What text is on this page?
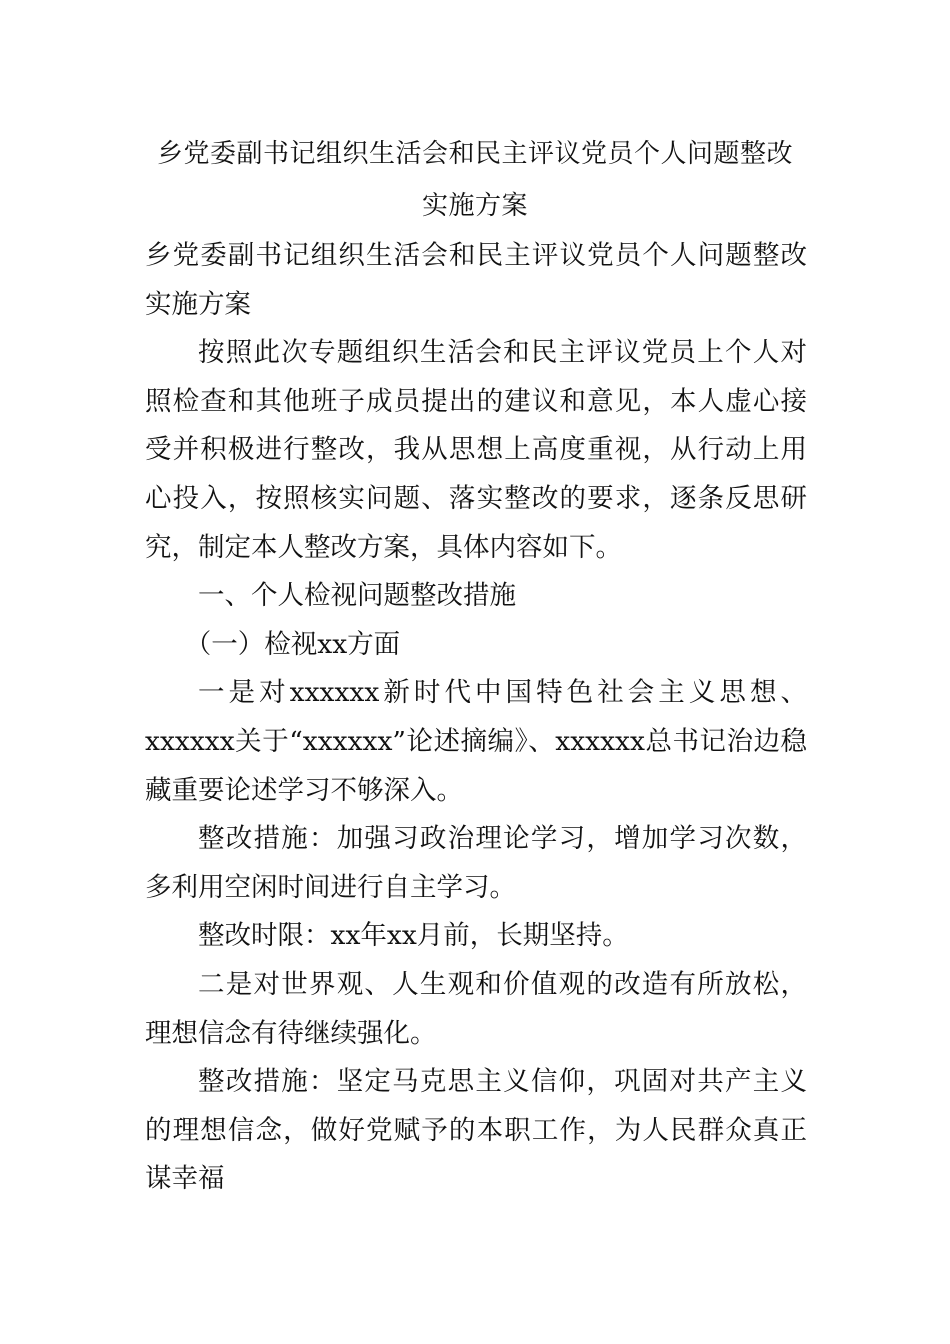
乡党委副书记组织生活会和民主评议党员个人问题整改实施方案

乡党委副书记组织生活会和民主评议党员个人问题整改实施方案

按照此次专题组织生活会和民主评议党员上个人对照检查和其他班子成员提出的建议和意见，本人虚心接受并积极进行整改，我从思想上高度重视，从行动上用心投入，按照核实问题、落实整改的要求，逐条反思研究，制定本人整改方案，具体内容如下。

一、个人检视问题整改措施

（一）检视xx方面

一是对xxxxxx新时代中国特色社会主义思想、xxxxxx关于“xxxxxx”论述摘编》、xxxxxx总书记治边稳藏重要论述学习不够深入。

整改措施：加强习政治理论学习，增加学习次数，多利用空闲时间进行自主学习。

整改时限：xx年xx月前，长期坚持。

二是对世界观、人生观和价值观的改造有所放松，理想信念有待继续强化。

整改措施：坚定马克思主义信仰，巩固对共产主义的理想信念，做好党赋予的本职工作，为人民群众真正谋幸福
